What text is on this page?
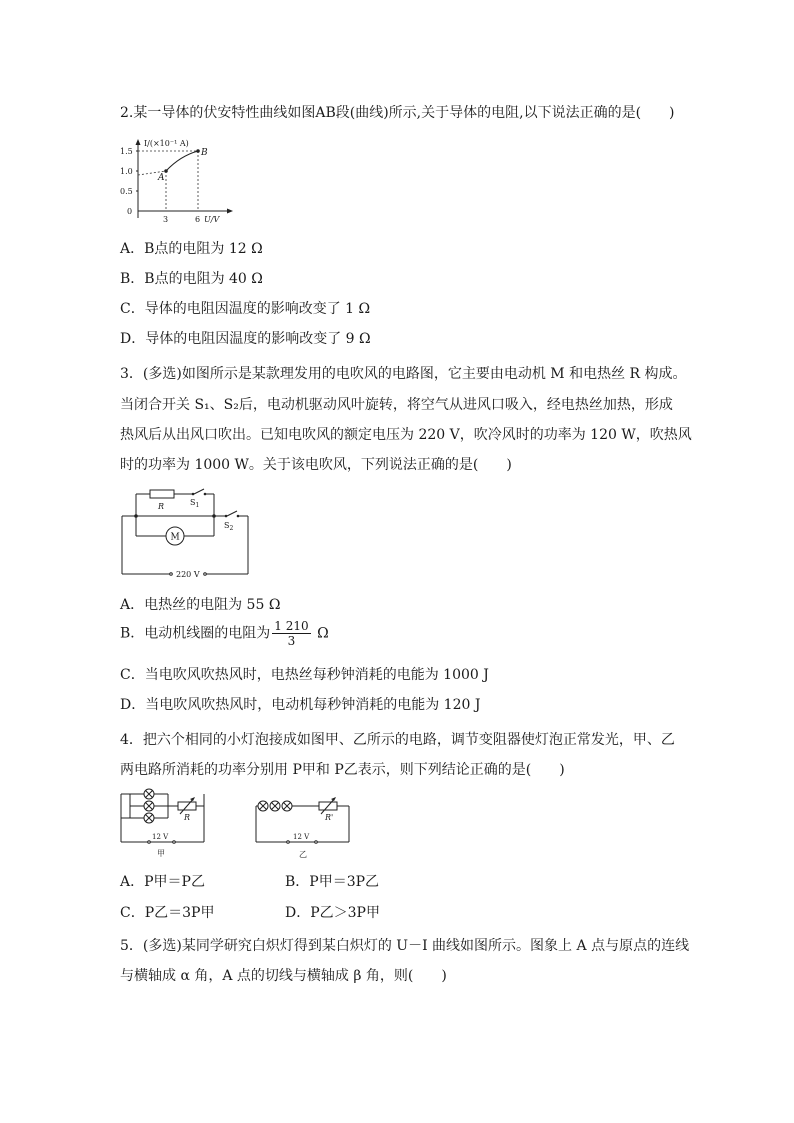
2.某一导体的伏安特性曲线如图AB段(曲线)所示,关于导体的电阻,以下说法正确的是(　　)
I/(×10⁻¹ A)
1.5
1.0
0.5
0
A
B
3	6 U/V
A．B点的电阻为 12 Ω
B．B点的电阻为 40 Ω
C．导体的电阻因温度的影响改变了 1 Ω
D．导体的电阻因温度的影响改变了 9 Ω
3．(多选)如图所示是某款理发用的电吹风的电路图，它主要由电动机 M 和电热丝 R 构成。
当闭合开关 S₁、S₂后，电动机驱动风叶旋转，将空气从进风口吸入，经电热丝加热，形成
热风后从出风口吹出。已知电吹风的额定电压为 220 V，吹冷风时的功率为 120 W，吹热风
时的功率为 1000 W。关于该电吹风，下列说法正确的是(　　)
R	$S_1$
$S_2$
M
220 V
A．电热丝的电阻为 55 Ω
B．电动机线圈的电阻为 $\frac{1 210}{3}$ Ω
C．当电吹风吹热风时，电热丝每秒钟消耗的电能为 1000 J
D．当电吹风吹热风时，电动机每秒钟消耗的电能为 120 J
4．把六个相同的小灯泡接成如图甲、乙所示的电路，调节变阻器使灯泡正常发光，甲、乙
两电路所消耗的功率分别用 P甲和 P乙表示，则下列结论正确的是(　　)
R
12 V
甲
R'
12 V
乙
A．P甲＝P乙	B．P甲＝3P乙
C．P乙＝3P甲	D．P乙＞3P甲
5．(多选)某同学研究白炽灯得到某白炽灯的 U－I 曲线如图所示。图象上 A 点与原点的连线
与横轴成 α 角，A 点的切线与横轴成 β 角，则(　　)
